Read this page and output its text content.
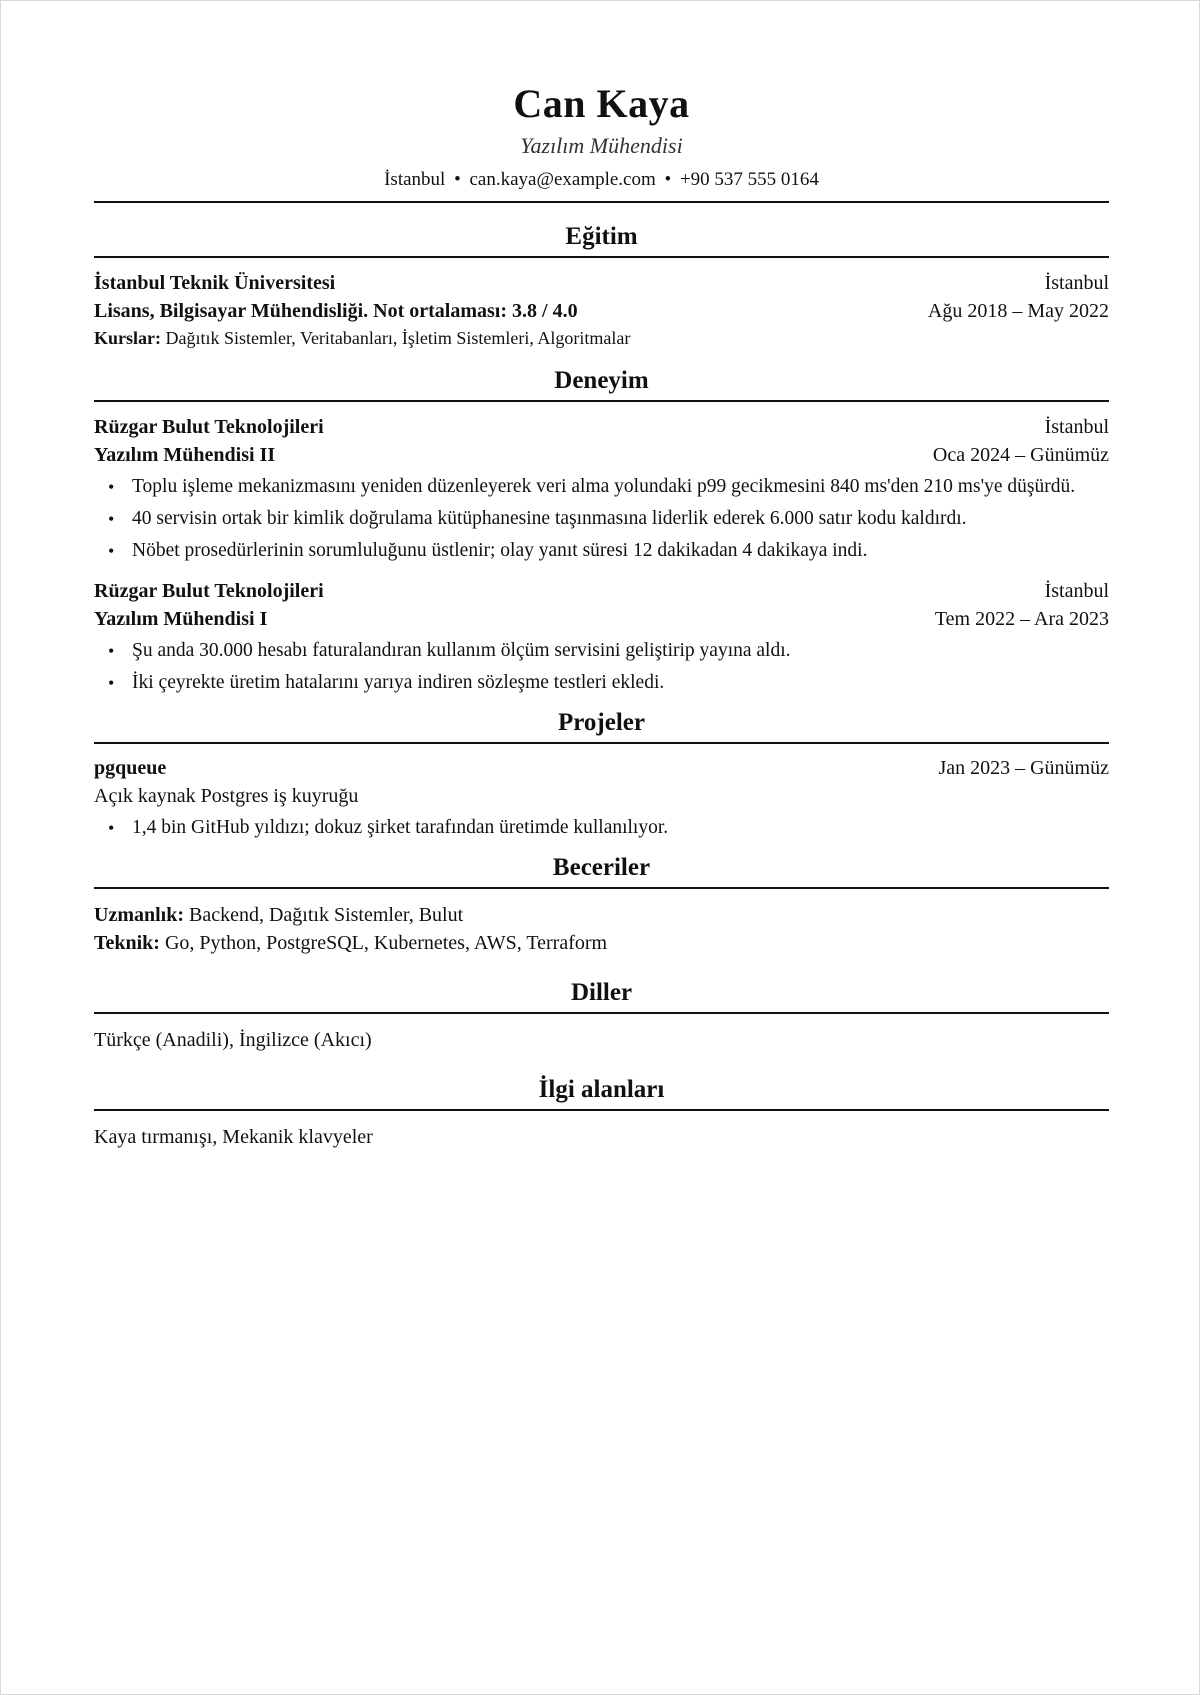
Can Kaya
Yazılım Mühendisi
İstanbul • can.kaya@example.com • +90 537 555 0164
Eğitim
İstanbul Teknik Üniversitesi	İstanbul
Lisans, Bilgisayar Mühendisliği. Not ortalaması: 3.8 / 4.0	Ağu 2018 – May 2022
Kurslar: Dağıtık Sistemler, Veritabanları, İşletim Sistemleri, Algoritmalar
Deneyim
Rüzgar Bulut Teknolojileri	İstanbul
Yazılım Mühendisi II	Oca 2024 – Günümüz
• Toplu işleme mekanizmasını yeniden düzenleyerek veri alma yolundaki p99 gecikmesini 840 ms'den 210 ms'ye düşürdü.
• 40 servisin ortak bir kimlik doğrulama kütüphanesine taşınmasına liderlik ederek 6.000 satır kodu kaldırdı.
• Nöbet prosedürlerinin sorumluluğunu üstlenir; olay yanıt süresi 12 dakikadan 4 dakikaya indi.
Rüzgar Bulut Teknolojileri	İstanbul
Yazılım Mühendisi I	Tem 2022 – Ara 2023
• Şu anda 30.000 hesabı faturalandıran kullanım ölçüm servisini geliştirip yayına aldı.
• İki çeyrekte üretim hatalarını yarıya indiren sözleşme testleri ekledi.
Projeler
pgqueue	Jan 2023 – Günümüz
Açık kaynak Postgres iş kuyruğu
• 1,4 bin GitHub yıldızı; dokuz şirket tarafından üretimde kullanılıyor.
Beceriler
Uzmanlık: Backend, Dağıtık Sistemler, Bulut
Teknik: Go, Python, PostgreSQL, Kubernetes, AWS, Terraform
Diller
Türkçe (Anadili), İngilizce (Akıcı)
İlgi alanları
Kaya tırmanışı, Mekanik klavyeler
